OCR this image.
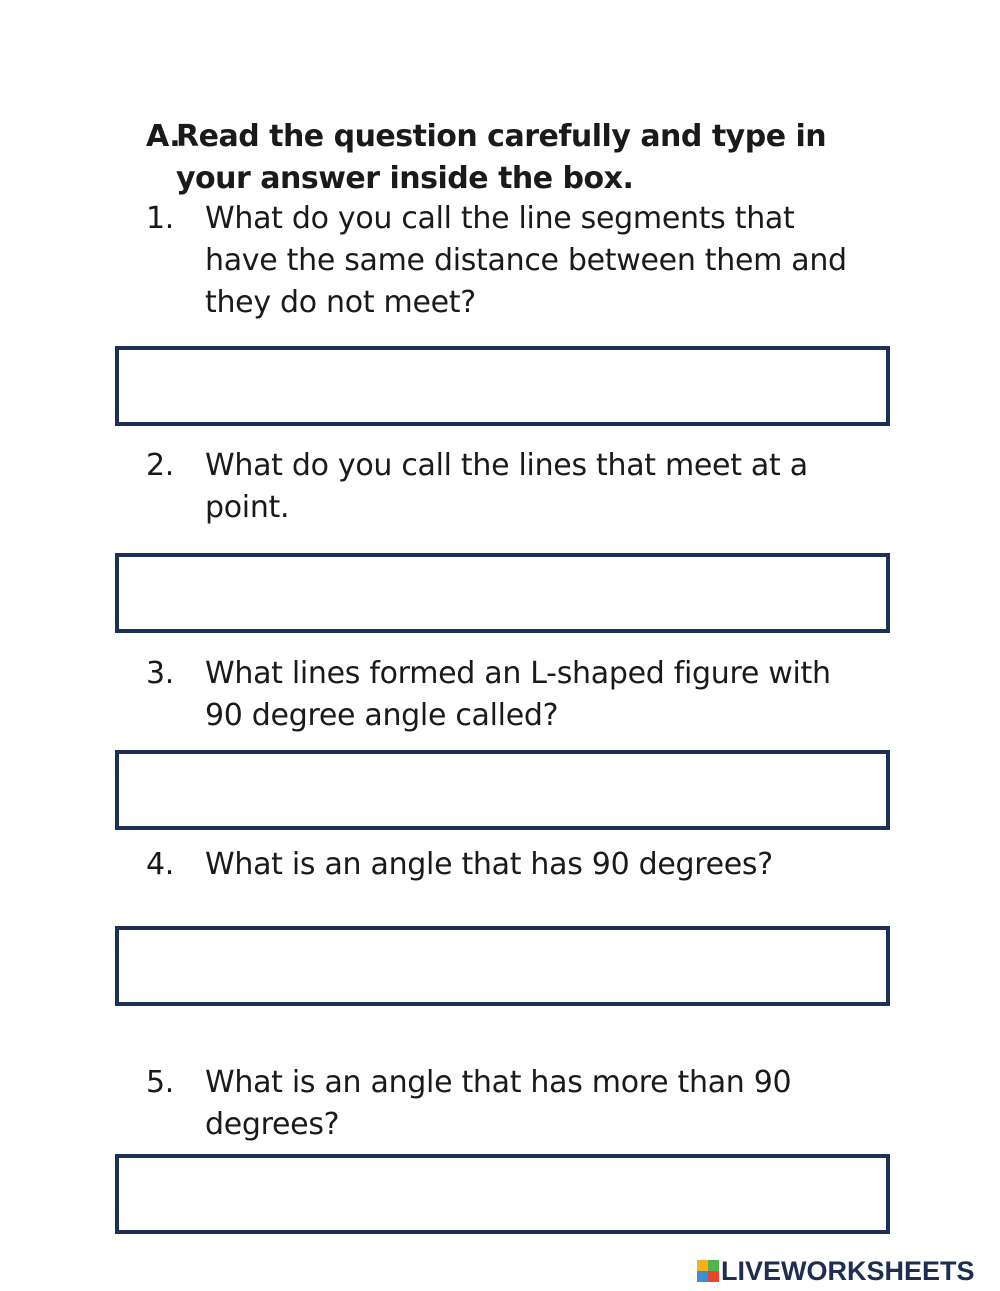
A.
Read the question carefully and type in your answer inside the box.
1.	What do you call the line segments that have the same distance between them and they do not meet?
2.	What do you call the lines that meet at a point.
3.	What lines formed an L-shaped figure with 90 degree angle called?
4.	What is an angle that has 90 degrees?
5.	What is an angle that has more than 90 degrees?
LIVEWORKSHEETS
